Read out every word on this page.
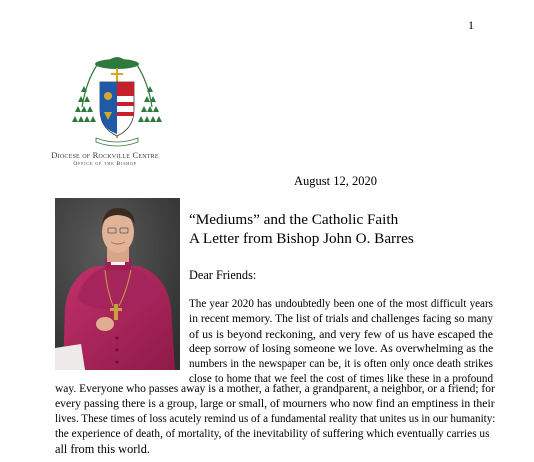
1
Diocese of Rockville Centre
Office of the Bishop
August 12, 2020
“Mediums” and the Catholic Faith
A Letter from Bishop John O. Barres
Dear Friends:
The year 2020 has undoubtedly been one of the most difficult years
in recent memory. The list of trials and challenges facing so many
of us is beyond reckoning, and very few of us have escaped the
deep sorrow of losing someone we love. As overwhelming as the
numbers in the newspaper can be, it is often only once death strikes
close to home that we feel the cost of times like these in a profound
way. Everyone who passes away is a mother, a father, a grandparent, a neighbor, or a friend; for
every passing there is a group, large or small, of mourners who now find an emptiness in their
lives. These times of loss acutely remind us of a fundamental reality that unites us in our humanity:
the experience of death, of mortality, of the inevitability of suffering which eventually carries us
all from this world.
